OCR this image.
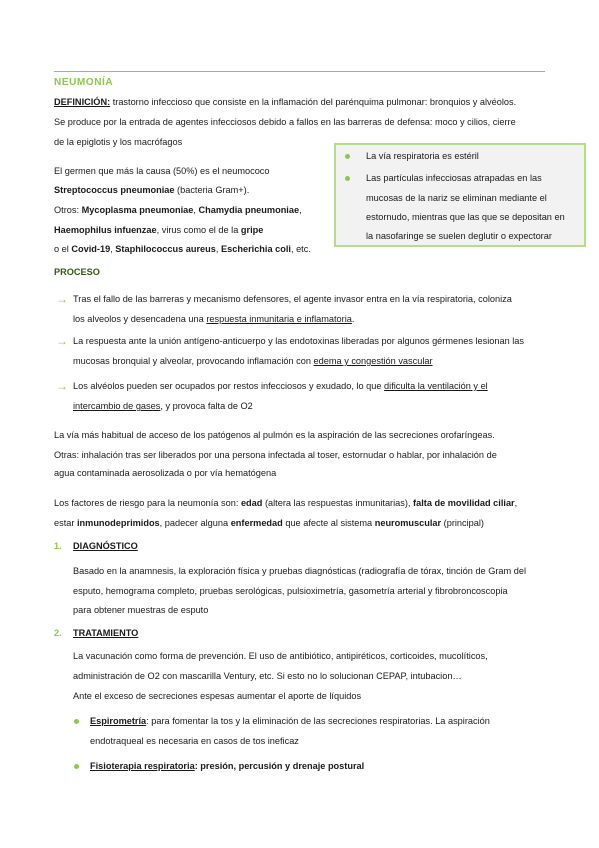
NEUMONÍA
DEFINICIÓN: trastorno infeccioso que consiste en la inflamación del parénquima pulmonar: bronquios y alvéolos.
Se produce por la entrada de agentes infecciosos debido a fallos en las barreras de defensa: moco y cilios, cierre
de la epiglotis y los macrófagos
El germen que más la causa (50%) es el neumococo
Streptococcus pneumoniae (bacteria Gram+).
Otros: Mycoplasma pneumoniae, Chamydia pneumoniae,
Haemophilus infuenzae, virus como el de la gripe
o el Covid-19, Staphilococcus aureus, Escherichia coli, etc.
La vía respiratoria es estéril
Las partículas infecciosas atrapadas en las
mucosas de la nariz se eliminan mediante el
estornudo, mientras que las que se depositan en
la nasofaringe se suelen deglutir o expectorar
PROCESO
→ Tras el fallo de las barreras y mecanismo defensores, el agente invasor entra en la vía respiratoria, coloniza
los alveolos y desencadena una respuesta inmunitaria e inflamatoria.
→ La respuesta ante la unión antígeno-anticuerpo y las endotoxinas liberadas por algunos gérmenes lesionan las
mucosas bronquial y alveolar, provocando inflamación con edema y congestión vascular
→ Los alvéolos pueden ser ocupados por restos infecciosos y exudado, lo que dificulta la ventilación y el
intercambio de gases, y provoca falta de O2
La vía más habitual de acceso de los patógenos al pulmón es la aspiración de las secreciones orofaríngeas.
Otras: inhalación tras ser liberados por una persona infectada al toser, estornudar o hablar, por inhalación de
agua contaminada aerosolizada o por vía hematógena
Los factores de riesgo para la neumonía son: edad (altera las respuestas inmunitarias), falta de movilidad ciliar,
estar inmunodeprimidos, padecer alguna enfermedad que afecte al sistema neuromuscular (principal)
1. DIAGNÓSTICO
Basado en la anamnesis, la exploración física y pruebas diagnósticas (radiografía de tórax, tinción de Gram del
esputo, hemograma completo, pruebas serológicas, pulsioximetría, gasometría arterial y fibrobroncoscopia
para obtener muestras de esputo
2. TRATAMIENTO
La vacunación como forma de prevención. El uso de antibiótico, antipiréticos, corticoides, mucolíticos,
administración de O2 con mascarilla Ventury, etc. Si esto no lo solucionan CEPAP, intubacion…
Ante el exceso de secreciones espesas aumentar el aporte de líquidos
Espirometría: para fomentar la tos y la eliminación de las secreciones respiratorias. La aspiración
endotraqueal es necesaria en casos de tos ineficaz
Fisioterapia respiratoria: presión, percusión y drenaje postural
